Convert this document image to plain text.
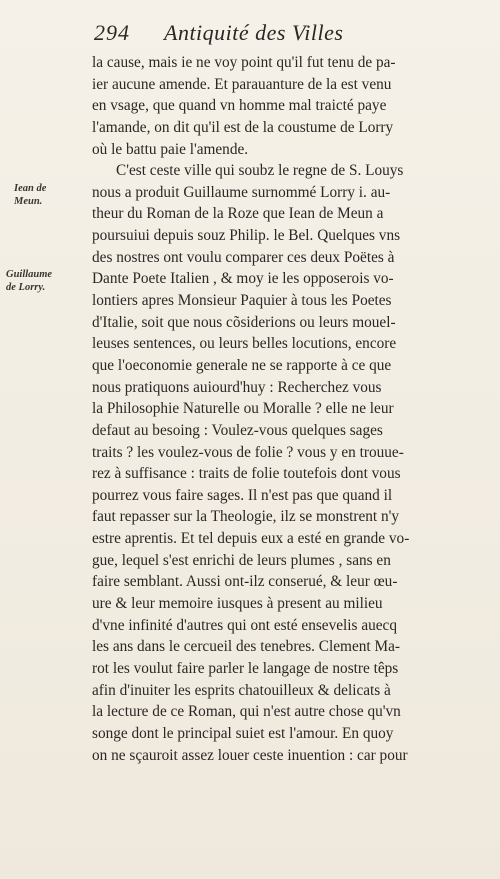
294 Antiquité des Villes
Iean de
Meun.
Guillaume
de Lorry.
la cause, mais ie ne voy point qu'il fut tenu de pa-
ier aucune amende. Et parauanture de la est venu
en vsage, que quand vn homme mal traicté paye
l'amande, on dit qu'il est de la coustume de Lorry
où le battu paie l'amende.
C'est ceste ville qui soubz le regne de S. Louys
nous a produit Guillaume surnommé Lorry i. au-
theur du Roman de la Roze que Iean de Meun a
poursuiui depuis souz Philip. le Bel. Quelques vns
des nostres ont voulu comparer ces deux Poëtes à
Dante Poete Italien , & moy ie les opposerois vo-
lontiers apres Monsieur Paquier à tous les Poetes
d'Italie, soit que nous cõsiderions ou leurs mouel-
leuses sentences, ou leurs belles locutions, encore
que l'oeconomie generale ne se rapporte à ce que
nous pratiquons auiourd'huy : Recherchez vous
la Philosophie Naturelle ou Moralle ? elle ne leur
defaut au besoing : Voulez-vous quelques sages
traits ? les voulez-vous de folie ? vous y en trouue-
rez à suffisance : traits de folie toutefois dont vous
pourrez vous faire sages. Il n'est pas que quand il
faut repasser sur la Theologie, ilz se monstrent n'y
estre aprentis. Et tel depuis eux a esté en grande vo-
gue, lequel s'est enrichi de leurs plumes , sans en
faire semblant. Aussi ont-ilz conserué, & leur œu-
ure & leur memoire iusques à present au milieu
d'vne infinité d'autres qui ont esté ensevelis auecq
les ans dans le cercueil des tenebres. Clement Ma-
rot les voulut faire parler le langage de nostre têps
afin d'inuiter les esprits chatouilleux & delicats à
la lecture de ce Roman, qui n'est autre chose qu'vn
songe dont le principal suiet est l'amour. En quoy
on ne sçauroit assez louer ceste inuention : car pour
